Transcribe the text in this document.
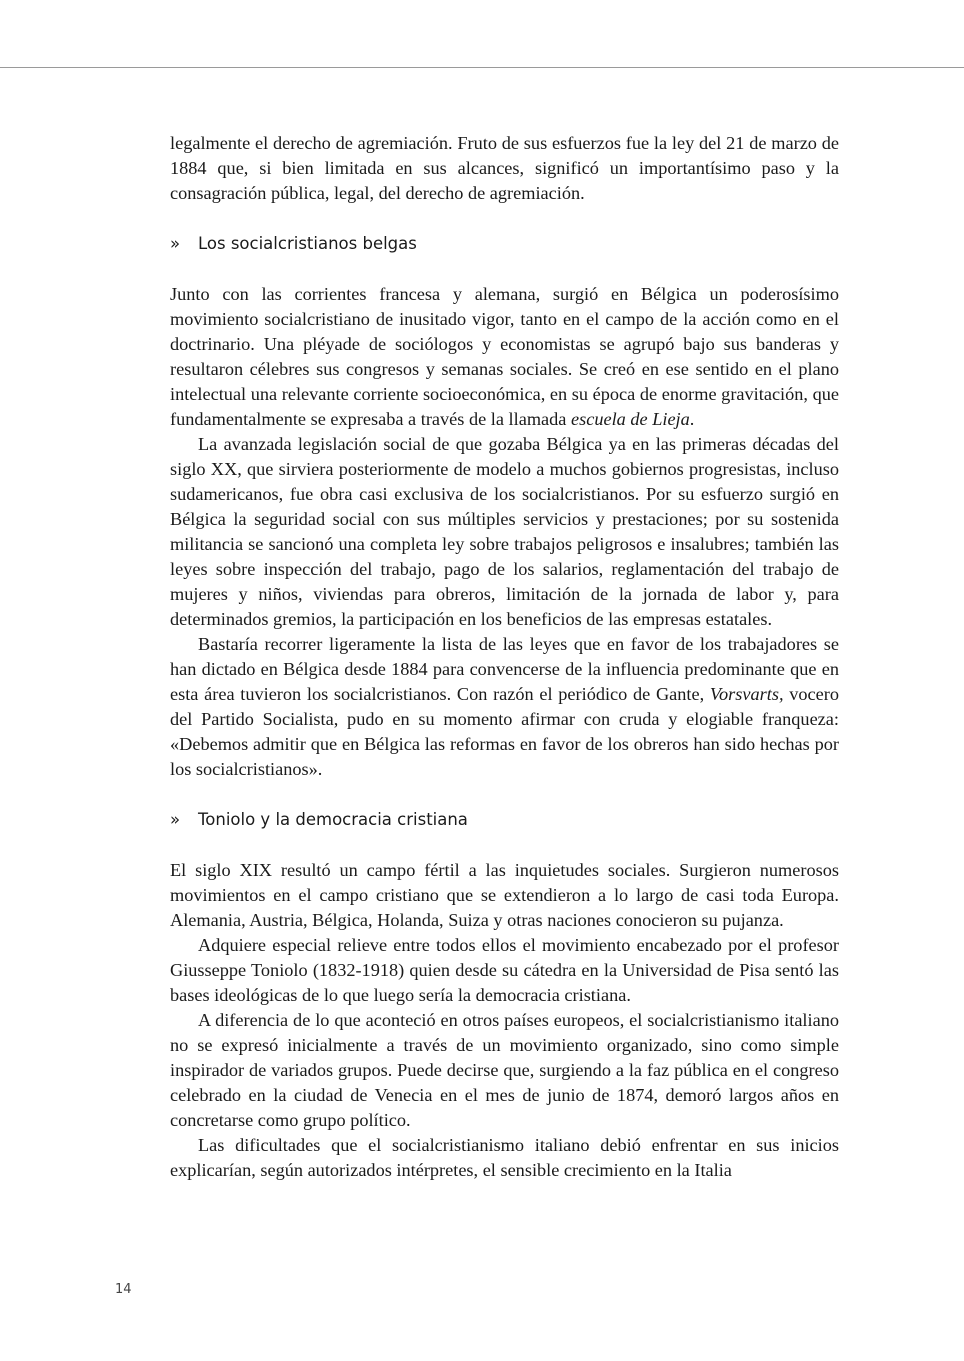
legalmente el derecho de agremiación. Fruto de sus esfuerzos fue la ley del 21 de marzo de 1884 que, si bien limitada en sus alcances, significó un importantísimo paso y la consagración pública, legal, del derecho de agremiación.

» Los socialcristianos belgas

Junto con las corrientes francesa y alemana, surgió en Bélgica un poderosísimo movimiento socialcristiano de inusitado vigor, tanto en el campo de la acción como en el doctrinario. Una pléyade de sociólogos y economistas se agrupó bajo sus banderas y resultaron célebres sus congresos y semanas sociales. Se creó en ese sentido en el plano intelectual una relevante corriente socioeconómica, en su época de enorme gravitación, que fundamentalmente se expresaba a través de la llamada escuela de Lieja.

La avanzada legislación social de que gozaba Bélgica ya en las primeras décadas del siglo XX, que sirviera posteriormente de modelo a muchos gobiernos progresistas, incluso sudamericanos, fue obra casi exclusiva de los socialcristianos. Por su esfuerzo surgió en Bélgica la seguridad social con sus múltiples servicios y prestaciones; por su sostenida militancia se sancionó una completa ley sobre trabajos peligrosos e insalubres; también las leyes sobre inspección del trabajo, pago de los salarios, reglamentación del trabajo de mujeres y niños, viviendas para obreros, limitación de la jornada de labor y, para determinados gremios, la participación en los beneficios de las empresas estatales.

Bastaría recorrer ligeramente la lista de las leyes que en favor de los trabajadores se han dictado en Bélgica desde 1884 para convencerse de la influencia predominante que en esta área tuvieron los socialcristianos. Con razón el periódico de Gante, Vorsvarts, vocero del Partido Socialista, pudo en su momento afirmar con cruda y elogiable franqueza: «Debemos admitir que en Bélgica las reformas en favor de los obreros han sido hechas por los socialcristianos».

» Toniolo y la democracia cristiana

El siglo XIX resultó un campo fértil a las inquietudes sociales. Surgieron numerosos movimientos en el campo cristiano que se extendieron a lo largo de casi toda Europa. Alemania, Austria, Bélgica, Holanda, Suiza y otras naciones conocieron su pujanza.

Adquiere especial relieve entre todos ellos el movimiento encabezado por el profesor Giusseppe Toniolo (1832-1918) quien desde su cátedra en la Universidad de Pisa sentó las bases ideológicas de lo que luego sería la democracia cristiana.

A diferencia de lo que aconteció en otros países europeos, el socialcristianismo italiano no se expresó inicialmente a través de un movimiento organizado, sino como simple inspirador de variados grupos. Puede decirse que, surgiendo a la faz pública en el congreso celebrado en la ciudad de Venecia en el mes de junio de 1874, demoró largos años en concretarse como grupo político.

Las dificultades que el socialcristianismo italiano debió enfrentar en sus inicios explicarían, según autorizados intérpretes, el sensible crecimiento en la Italia

14
